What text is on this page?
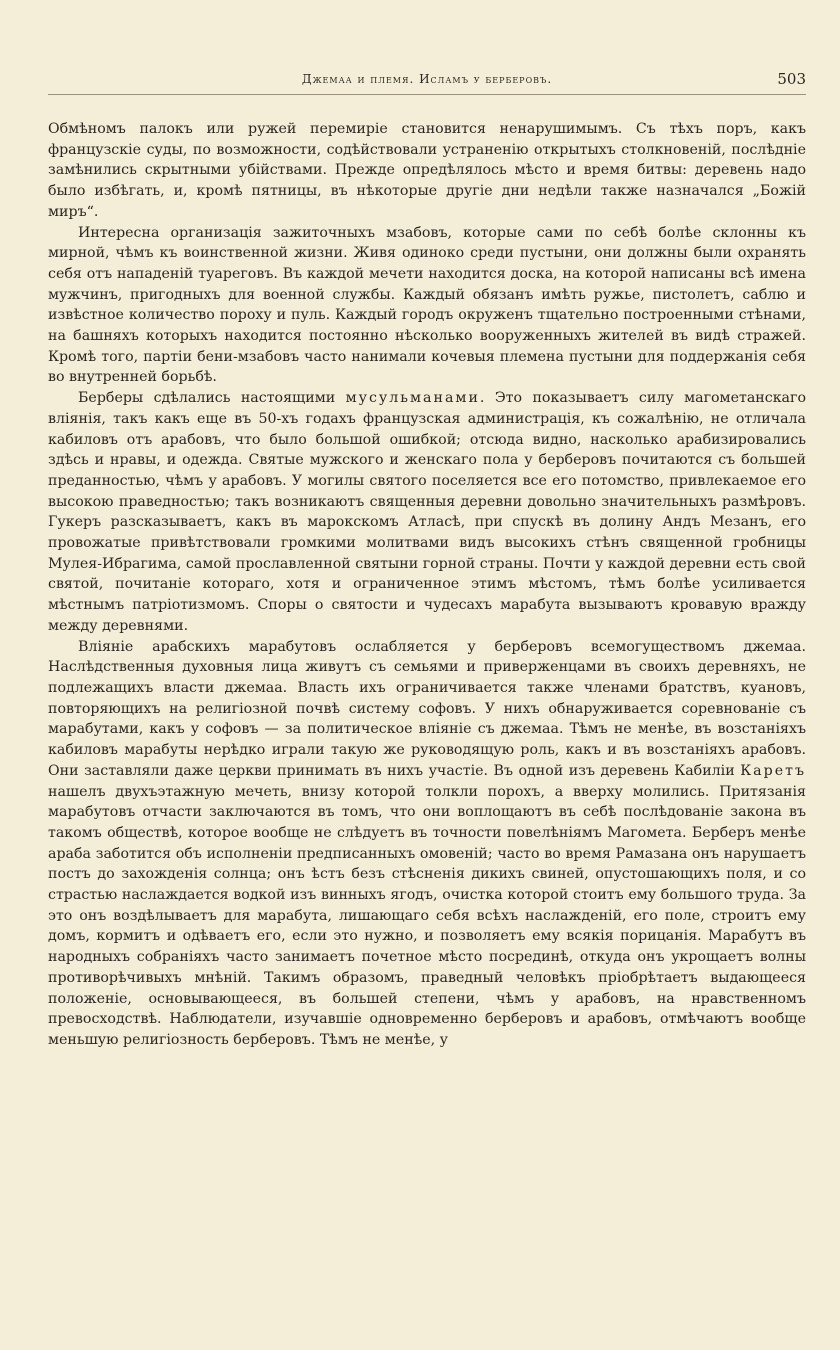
Джемаа и племя. Исламъ у берберовъ.	503

Обмѣномъ палокъ или ружей перемиріе становится ненарушимымъ. Съ тѣхъ поръ, какъ французскіе суды, по возможности, содѣйствовали устраненію открытыхъ столкновеній, послѣдніе замѣнились скрытными убійствами. Прежде опредѣлялось мѣсто и время битвы: деревень надо было избѣгать, и, кромѣ пятницы, въ нѣкоторые другіе дни недѣли также назначался „Божій миръ“.

Интересна организація зажиточныхъ мзабовъ, которые сами по себѣ болѣе склонны къ мирной, чѣмъ къ воинственной жизни. Живя одиноко среди пустыни, они должны были охранять себя отъ нападеній туареговъ. Въ каждой мечети находится доска, на которой написаны всѣ имена мужчинъ, пригодныхъ для военной службы. Каждый обязанъ имѣть ружье, пистолетъ, саблю и извѣстное количество пороху и пуль. Каждый городъ окруженъ тщательно построенными стѣнами, на башняхъ которыхъ находится постоянно нѣсколько вооруженныхъ жителей въ видѣ стражей. Кромѣ того, партіи бени-мзабовъ часто нанимали кочевыя племена пустыни для поддержанія себя во внутренней борьбѣ.

Берберы сдѣлались настоящими мусульманами. Это показываетъ силу магометанскаго вліянія, такъ какъ еще въ 50-хъ годахъ французская администрація, къ сожалѣнію, не отличала кабиловъ отъ арабовъ, что было большой ошибкой; отсюда видно, насколько арабизировались здѣсь и нравы, и одежда. Святые мужского и женскаго пола у берберовъ почитаются съ большей преданностью, чѣмъ у арабовъ. У могилы святого поселяется все его потомство, привлекаемое его высокою праведностью; такъ возникаютъ священныя деревни довольно значительныхъ размѣровъ. Гукеръ разсказываетъ, какъ въ марокскомъ Атласѣ, при спускѣ въ долину Андъ Мезанъ, его провожатые привѣтствовали громкими молитвами видъ высокихъ стѣнъ священной гробницы Мулея-Ибрагима, самой прославленной святыни горной страны. Почти у каждой деревни есть свой святой, почитаніе котораго, хотя и ограниченное этимъ мѣстомъ, тѣмъ болѣе усиливается мѣстнымъ патріотизмомъ. Споры о святости и чудесахъ марабута вызываютъ кровавую вражду между деревнями.

Вліяніе арабскихъ марабутовъ ослабляется у берберовъ всемогуществомъ джемаа. Наслѣдственныя духовныя лица живутъ съ семьями и приверженцами въ своихъ деревняхъ, не подлежащихъ власти джемаа. Власть ихъ ограничивается также членами братствъ, куановъ, повторяющихъ на религіозной почвѣ систему софовъ. У нихъ обнаруживается соревнованіе съ марабутами, какъ у софовъ — за политическое вліяніе съ джемаа. Тѣмъ не менѣе, въ возстаніяхъ кабиловъ марабуты нерѣдко играли такую же руководящую роль, какъ и въ возстаніяхъ арабовъ. Они заставляли даже церкви принимать въ нихъ участіе. Въ одной изъ деревень Кабиліи Каретъ нашелъ двухъэтажную мечеть, внизу которой толкли порохъ, а вверху молились. Притязанія марабутовъ отчасти заключаются въ томъ, что они воплощаютъ въ себѣ послѣдованіе закона въ такомъ обществѣ, которое вообще не слѣдуетъ въ точности повелѣніямъ Магомета. Берберъ менѣе араба заботится объ исполненіи предписанныхъ омовеній; часто во время Рамазана онъ нарушаетъ постъ до захожденія солнца; онъ ѣстъ безъ стѣсненія дикихъ свиней, опустошающихъ поля, и со страстью наслаждается водкой изъ винныхъ ягодъ, очистка которой стоитъ ему большого труда. За это онъ воздѣлываетъ для марабута, лишающаго себя всѣхъ наслажденій, его поле, строитъ ему домъ, кормитъ и одѣваетъ его, если это нужно, и позволяетъ ему всякія порицанія. Марабутъ въ народныхъ собраніяхъ часто занимаетъ почетное мѣсто посрединѣ, откуда онъ укрощаетъ волны противорѣчивыхъ мнѣній. Такимъ образомъ, праведный человѣкъ пріобрѣтаетъ выдающееся положеніе, основывающееся, въ большей степени, чѣмъ у арабовъ, на нравственномъ превосходствѣ. Наблюдатели, изучавшіе одновременно берберовъ и арабовъ, отмѣчаютъ вообще меньшую религіозность берберовъ. Тѣмъ не менѣе, у
